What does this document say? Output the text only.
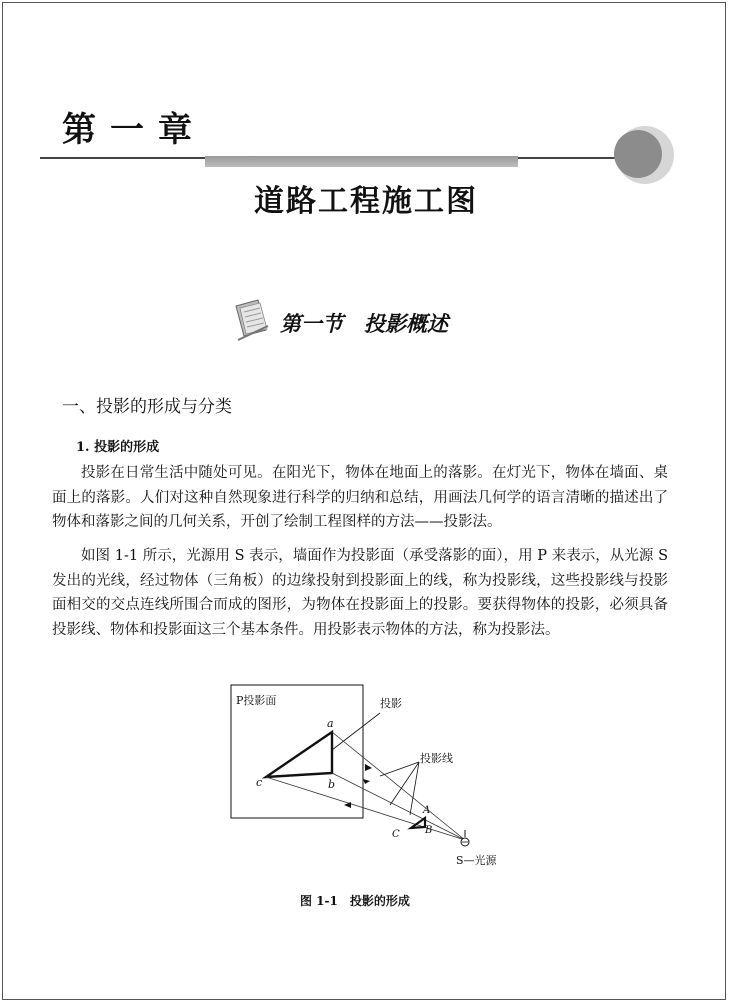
第一章
道路工程施工图
第一节　投影概述
一、投影的形成与分类
1. 投影的形成

投影在日常生活中随处可见。在阳光下，物体在地面上的落影。在灯光下，物体在墙面、桌面上的落影。人们对这种自然现象进行科学的归纳和总结，用画法几何学的语言清晰的描述出了物体和落影之间的几何关系，开创了绘制工程图样的方法——投影法。

如图 1-1 所示，光源用 S 表示，墙面作为投影面（承受落影的面），用 P 来表示，从光源 S 发出的光线，经过物体（三角板）的边缘投射到投影面上的线，称为投影线，这些投影线与投影面相交的交点连线所围合而成的图形，为物体在投影面上的投影。要获得物体的投影，必须具备投影线、物体和投影面这三个基本条件。用投影表示物体的方法，称为投影法。

P投影面	投影
投影线
a
b
c
A
B
C
S—光源
图 1-1　投影的形成
